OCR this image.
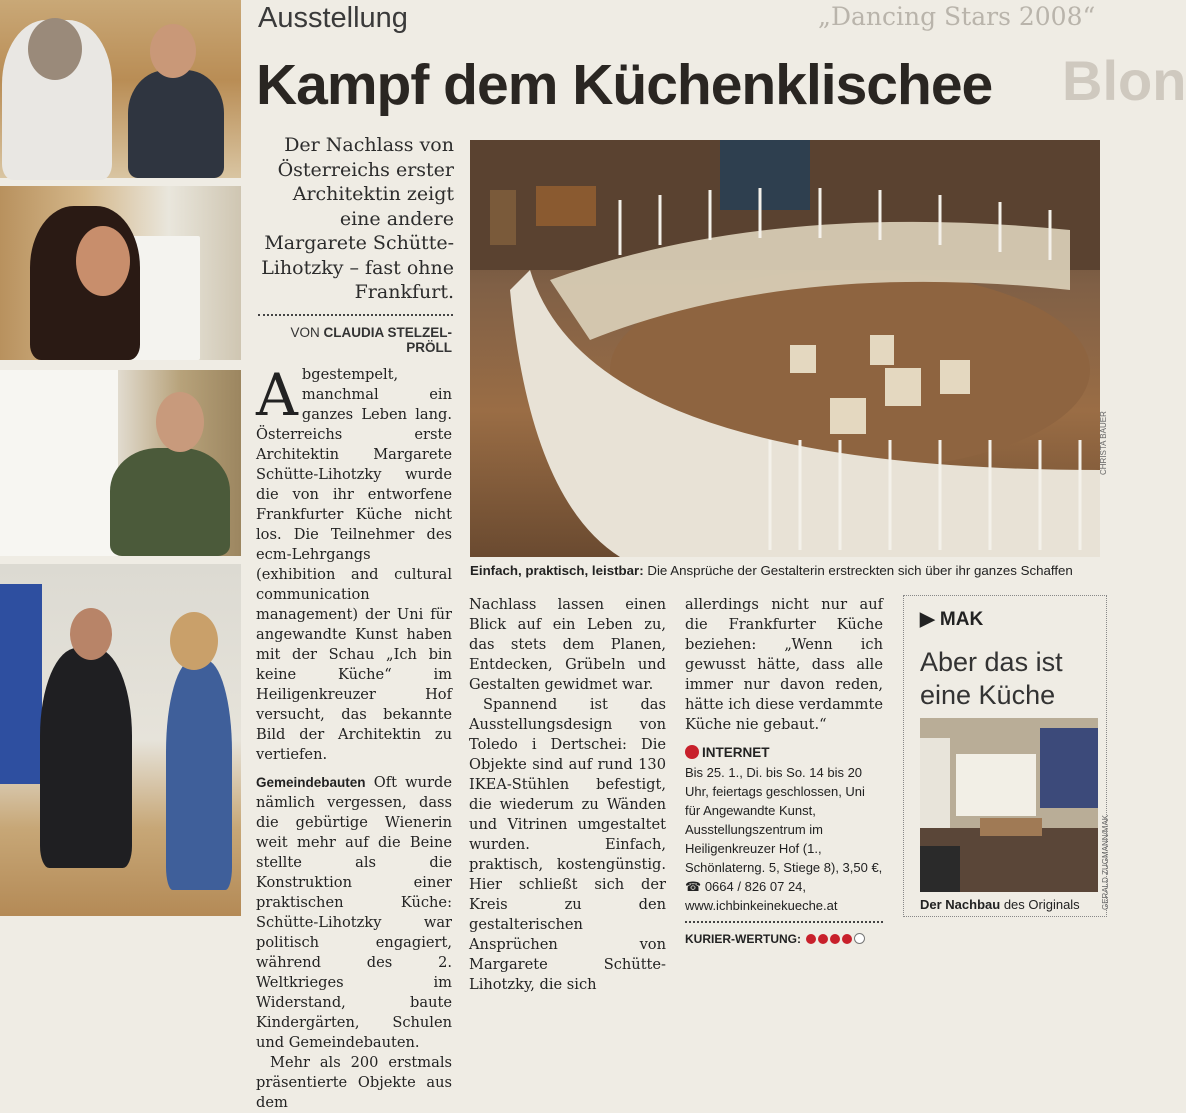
„Dancing Stars 2008“
Blon
Ausstellung
Kampf dem Küchenklischee
Der Nachlass von Österreichs erster Architektin zeigt eine andere Margarete Schütte-Lihotzky – fast ohne Frankfurt.
VON CLAUDIA STELZEL-PRÖLL

Abgestempelt, manchmal ein ganzes Leben lang. Österreichs erste Architektin Margarete Schütte-Lihotzky wurde die von ihr entworfene Frankfurter Küche nicht los. Die Teilnehmer des ecm-Lehrgangs (exhibition and cultural communication management) der Uni für angewandte Kunst haben mit der Schau „Ich bin keine Küche“ im Heiligenkreuzer Hof versucht, das bekannte Bild der Architektin zu vertiefen.

Gemeindebauten Oft wurde nämlich vergessen, dass die gebürtige Wienerin weit mehr auf die Beine stellte als die Konstruktion einer praktischen Küche: Schütte-Lihotzky war politisch engagiert, während des 2. Weltkrieges im Widerstand, baute Kindergärten, Schulen und Gemeindebauten.

Mehr als 200 erstmals präsentierte Objekte aus dem

CHRISTA BAUER
Einfach, praktisch, leistbar: Die Ansprüche der Gestalterin erstreckten sich über ihr ganzes Schaffen

Nachlass lassen einen Blick auf ein Leben zu, das stets dem Planen, Entdecken, Grübeln und Gestalten gewidmet war.

Spannend ist das Ausstellungsdesign von Toledo i Dertschei: Die Objekte sind auf rund 130 IKEA-Stühlen befestigt, die wiederum zu Wänden und Vitrinen umgestaltet wurden. Einfach, praktisch, kostengünstig. Hier schließt sich der Kreis zu den gestalterischen Ansprüchen von Margarete Schütte-Lihotzky, die sich

allerdings nicht nur auf die Frankfurter Küche beziehen: „Wenn ich gewusst hätte, dass alle immer nur davon reden, hätte ich diese verdammte Küche nie gebaut.“

INTERNET
Bis 25. 1., Di. bis So. 14 bis 20 Uhr, feiertags geschlossen, Uni für Angewandte Kunst, Ausstellungszentrum im Heiligenkreuzer Hof (1., Schönlaterng. 5, Stiege 8), 3,50 €,
☎ 0664 / 826 07 24,
www.ichbinkeinekueche.at
KURIER-WERTUNG:
▶ MAK
Aber das ist eine Küche
GERALD ZUGMANN/MAK
Der Nachbau des Originals
